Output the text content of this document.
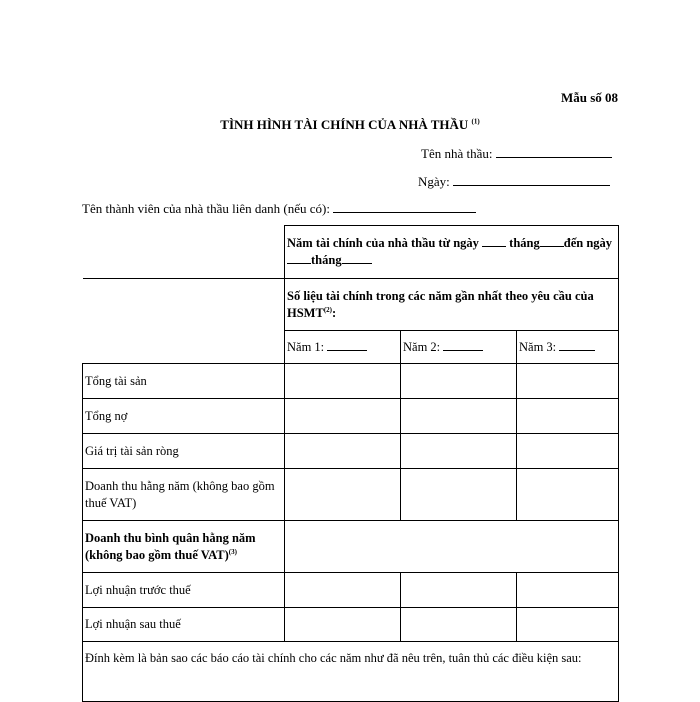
Mẫu số 08
TÌNH HÌNH TÀI CHÍNH CỦA NHÀ THẦU $^{(1)}$
Tên nhà thầu:
Ngày:
Tên thành viên của nhà thầu liên danh (nếu có):
	Năm tài chính của nhà thầu từ ngày tháng đến ngàytháng		
	Số liệu tài chính trong các năm gần nhất theo yêu cầu của HSMT$^{(2)}$:		
	Năm 1:	Năm 2:	Năm 3:
Tổng tài sản			
Tổng nợ			
Giá trị tài sản ròng			
Doanh thu hằng năm (không bao gồm thuế VAT)			
Doanh thu bình quân hằng năm (không bao gồm thuế VAT)$^{(3)}$	
Lợi nhuận trước thuế			
Lợi nhuận sau thuế			
Đính kèm là bản sao các báo cáo tài chính cho các năm như đã nêu trên, tuân thủ các điều kiện sau:			
